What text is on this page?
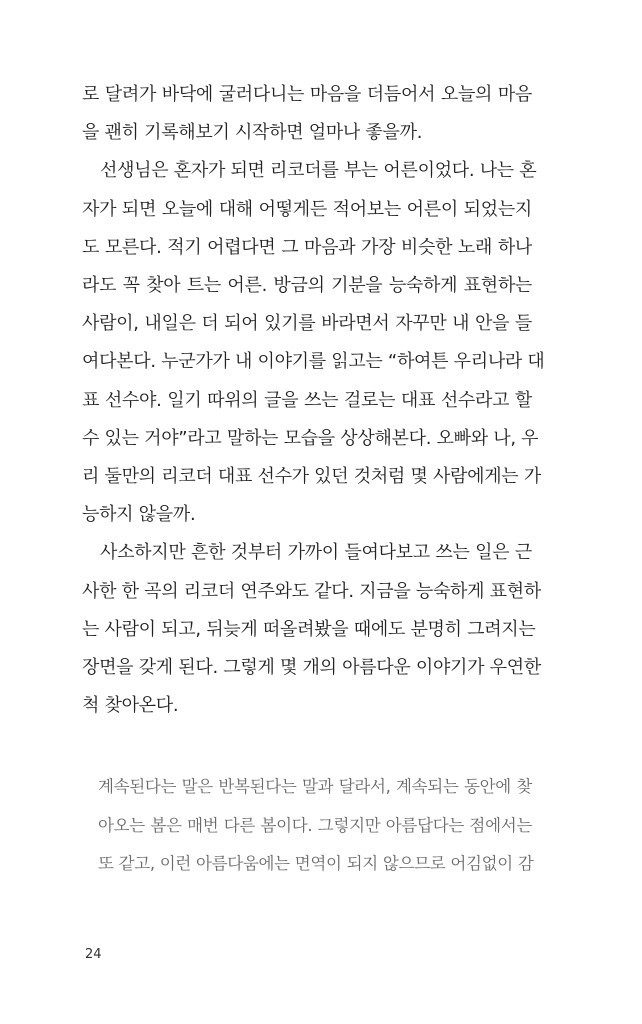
로 달려가 바닥에 굴러다니는 마음을 더듬어서 오늘의 마음
을 괜히 기록해보기 시작하면 얼마나 좋을까.
선생님은 혼자가 되면 리코더를 부는 어른이었다. 나는 혼
자가 되면 오늘에 대해 어떻게든 적어보는 어른이 되었는지
도 모른다. 적기 어렵다면 그 마음과 가장 비슷한 노래 하나
라도 꼭 찾아 트는 어른. 방금의 기분을 능숙하게 표현하는
사람이, 내일은 더 되어 있기를 바라면서 자꾸만 내 안을 들
여다본다. 누군가가 내 이야기를 읽고는 “하여튼 우리나라 대
표 선수야. 일기 따위의 글을 쓰는 걸로는 대표 선수라고 할
수 있는 거야”라고 말하는 모습을 상상해본다. 오빠와 나, 우
리 둘만의 리코더 대표 선수가 있던 것처럼 몇 사람에게는 가
능하지 않을까.
사소하지만 흔한 것부터 가까이 들여다보고 쓰는 일은 근
사한 한 곡의 리코더 연주와도 같다. 지금을 능숙하게 표현하
는 사람이 되고, 뒤늦게 떠올려봤을 때에도 분명히 그려지는
장면을 갖게 된다. 그렇게 몇 개의 아름다운 이야기가 우연한
척 찾아온다.
계속된다는 말은 반복된다는 말과 달라서, 계속되는 동안에 찾
아오는 봄은 매번 다른 봄이다. 그렇지만 아름답다는 점에서는
또 같고, 이런 아름다움에는 면역이 되지 않으므로 어김없이 감
24
